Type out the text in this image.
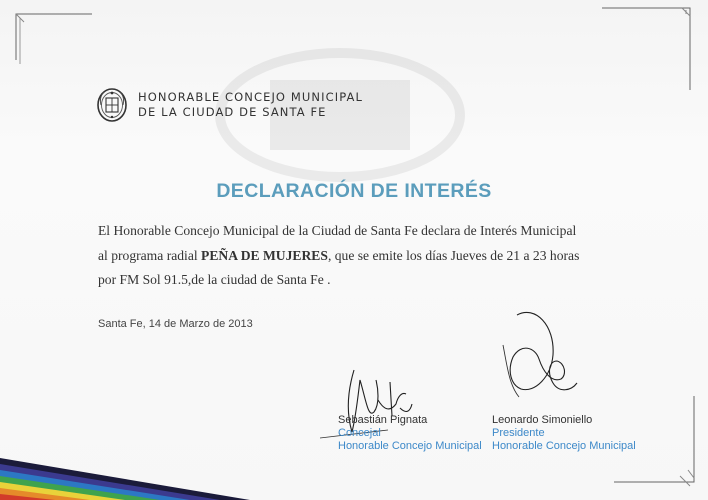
HONORABLE CONCEJO MUNICIPAL
DE LA CIUDAD DE SANTA FE
DECLARACIÓN DE INTERÉS

El Honorable Concejo Municipal de la Ciudad de Santa Fe declara de Interés Municipal

al programa radial PEÑA DE MUJERES, que se emite los días Jueves de 21 a 23 horas

por FM Sol 91.5,de la ciudad de Santa Fe .

Santa Fe, 14 de Marzo de 2013
Sebastián Pignata
Concejal
Honorable Concejo Municipal
Leonardo Simoniello
Presidente
Honorable Concejo Municipal
